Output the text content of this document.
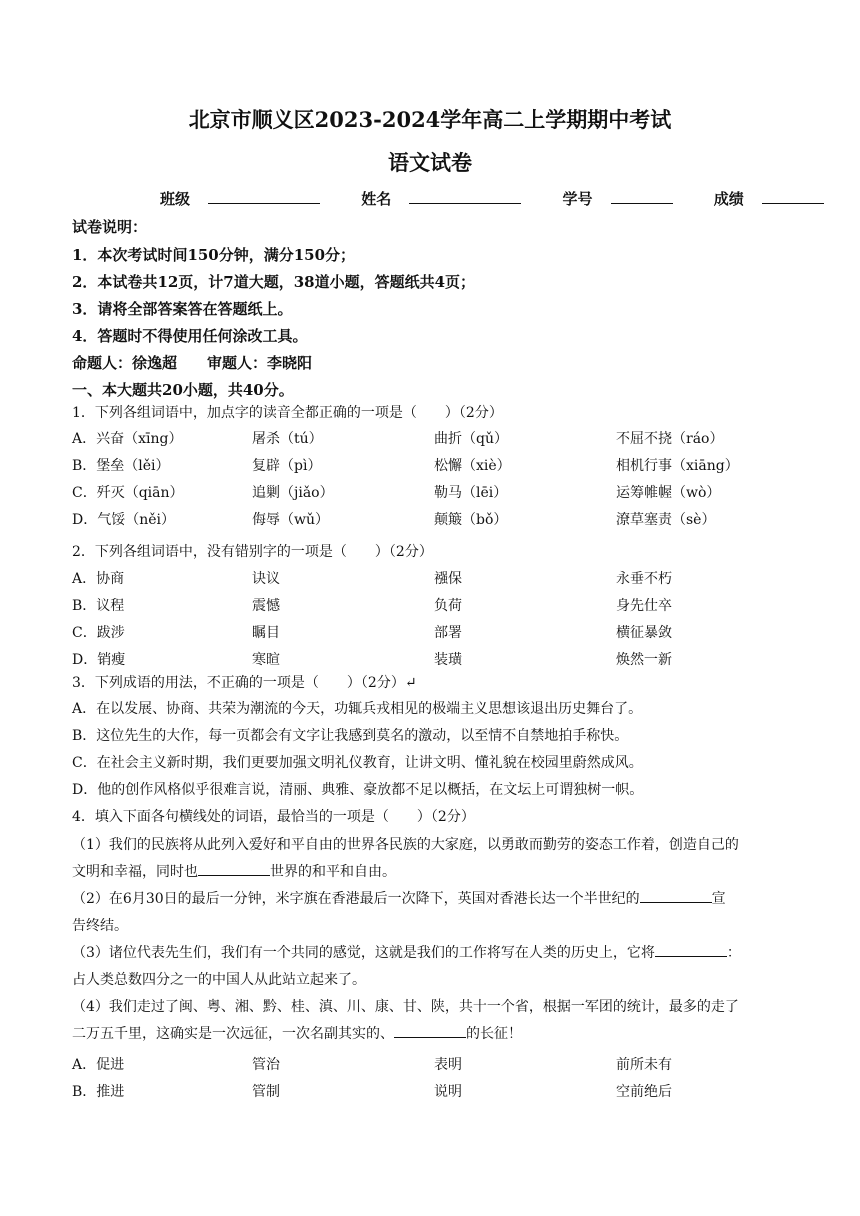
北京市顺义区2023-2024学年高二上学期期中考试
语文试卷
班级	姓名	学号	成绩
试卷说明：
1．本次考试时间150分钟，满分150分；
2．本试卷共12页，计7道大题，38道小题，答题纸共4页；
3．请将全部答案答在答题纸上。
4．答题时不得使用任何涂改工具。
命题人：徐逸超　　审题人：李晓阳
一、本大题共20小题，共40分。
1．下列各组词语中，加点字的读音全都正确的一项是（　　）（2分）
A．兴奋（xīng）	屠杀（tú）	曲折（qǔ）	不屈不挠（ráo）
B．堡垒（lěi）	复辟（pì）	松懈（xiè）	相机行事（xiāng）
C．歼灭（qiān）	追剿（jiǎo）	勒马（lēi）	运筹帷幄（wò）
D．气馁（něi）	侮辱（wǔ）	颠簸（bǒ）	潦草塞责（sè）
2．下列各组词语中，没有错别字的一项是（　　）（2分）
A．协商	诀议	襁保	永垂不朽
B．议程	震憾	负荷	身先仕卒
C．跋涉	瞩目	部署	横征暴敛
D．销瘦	寒暄	装璜	焕然一新
3．下列成语的用法，不正确的一项是（　　）（2分）↵
A．在以发展、协商、共荣为潮流的今天，功辄兵戎相见的极端主义思想该退出历史舞台了。
B．这位先生的大作，每一页都会有文字让我感到莫名的激动，以至情不自禁地拍手称快。
C．在社会主义新时期，我们更要加强文明礼仪教育，让讲文明、懂礼貌在校园里蔚然成风。
D．他的创作风格似乎很难言说，清丽、典雅、豪放都不足以概括，在文坛上可谓独树一帜。
4．填入下面各句横线处的词语，最恰当的一项是（　　）（2分）
（1）我们的民族将从此列入爱好和平自由的世界各民族的大家庭，以勇敢而勤劳的姿态工作着，创造自己的
文明和幸福，同时也	世界的和平和自由。
（2）在6月30日的最后一分钟，米字旗在香港最后一次降下，英国对香港长达一个半世纪的	宣
告终结。
（3）诸位代表先生们，我们有一个共同的感觉，这就是我们的工作将写在人类的历史上，它将	：
占人类总数四分之一的中国人从此站立起来了。
（4）我们走过了闽、粤、湘、黔、桂、滇、川、康、甘、陕，共十一个省，根据一军团的统计，最多的走了
二万五千里，这确实是一次远征，一次名副其实的、	的长征！
A．促进	管治	表明	前所未有
B．推进	管制	说明	空前绝后
